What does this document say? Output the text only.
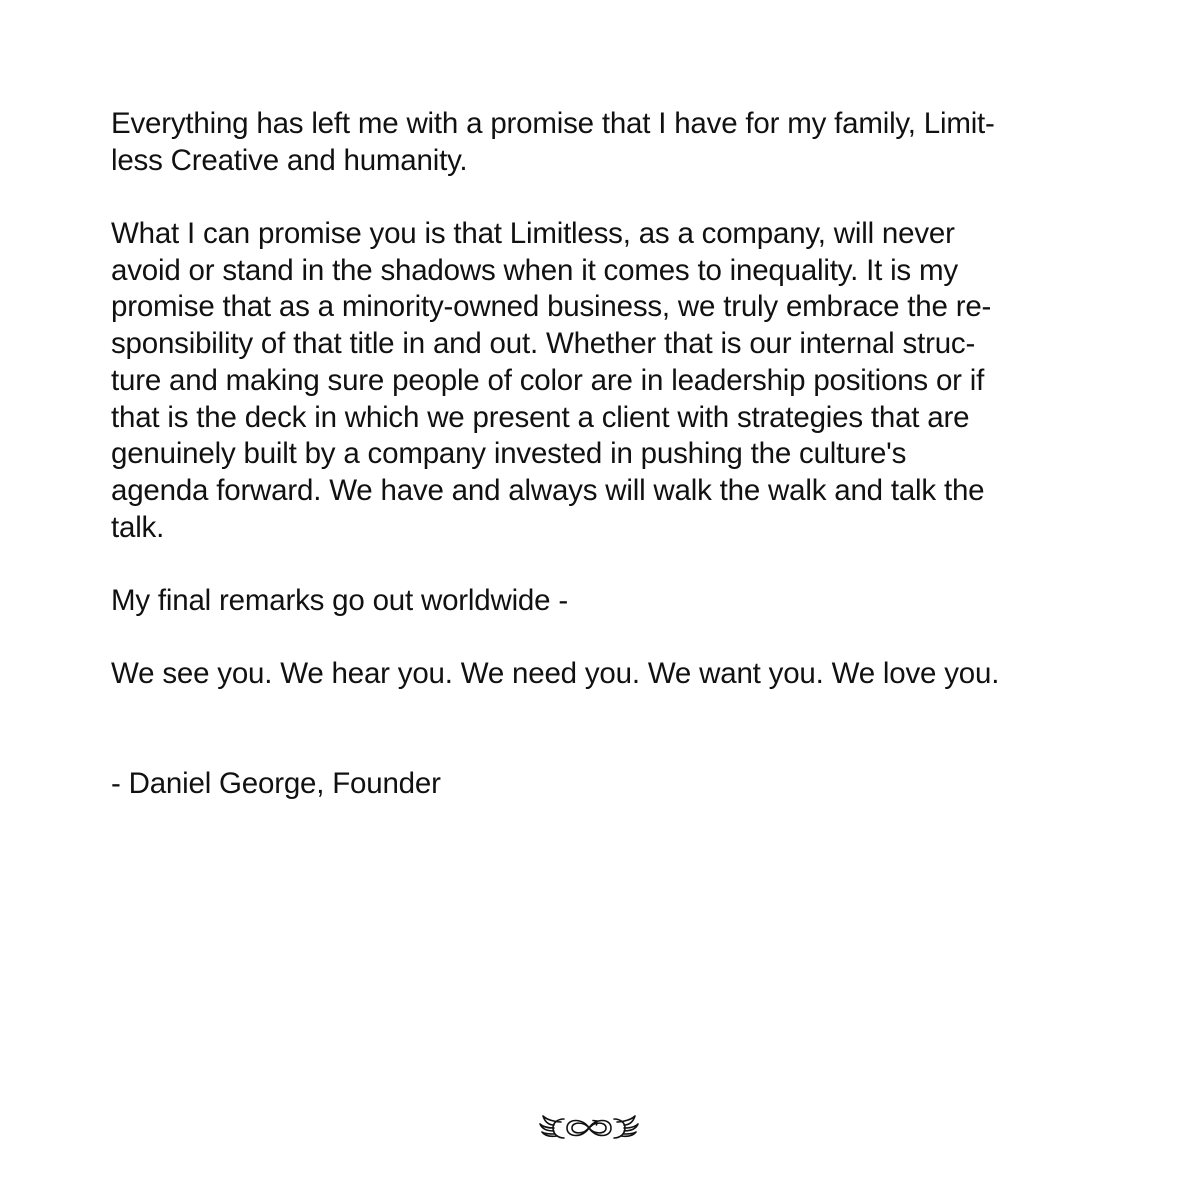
Everything has left me with a promise that I have for my family, Limit-
less Creative and humanity.
What I can promise you is that Limitless, as a company, will never
avoid or stand in the shadows when it comes to inequality. It is my
promise that as a minority-owned business, we truly embrace the re-
sponsibility of that title in and out. Whether that is our internal struc-
ture and making sure people of color are in leadership positions or if
that is the deck in which we present a client with strategies that are
genuinely built by a company invested in pushing the culture's
agenda forward. We have and always will walk the walk and talk the
talk.
My final remarks go out worldwide -
We see you. We hear you. We need you. We want you. We love you.
- Daniel George, Founder
